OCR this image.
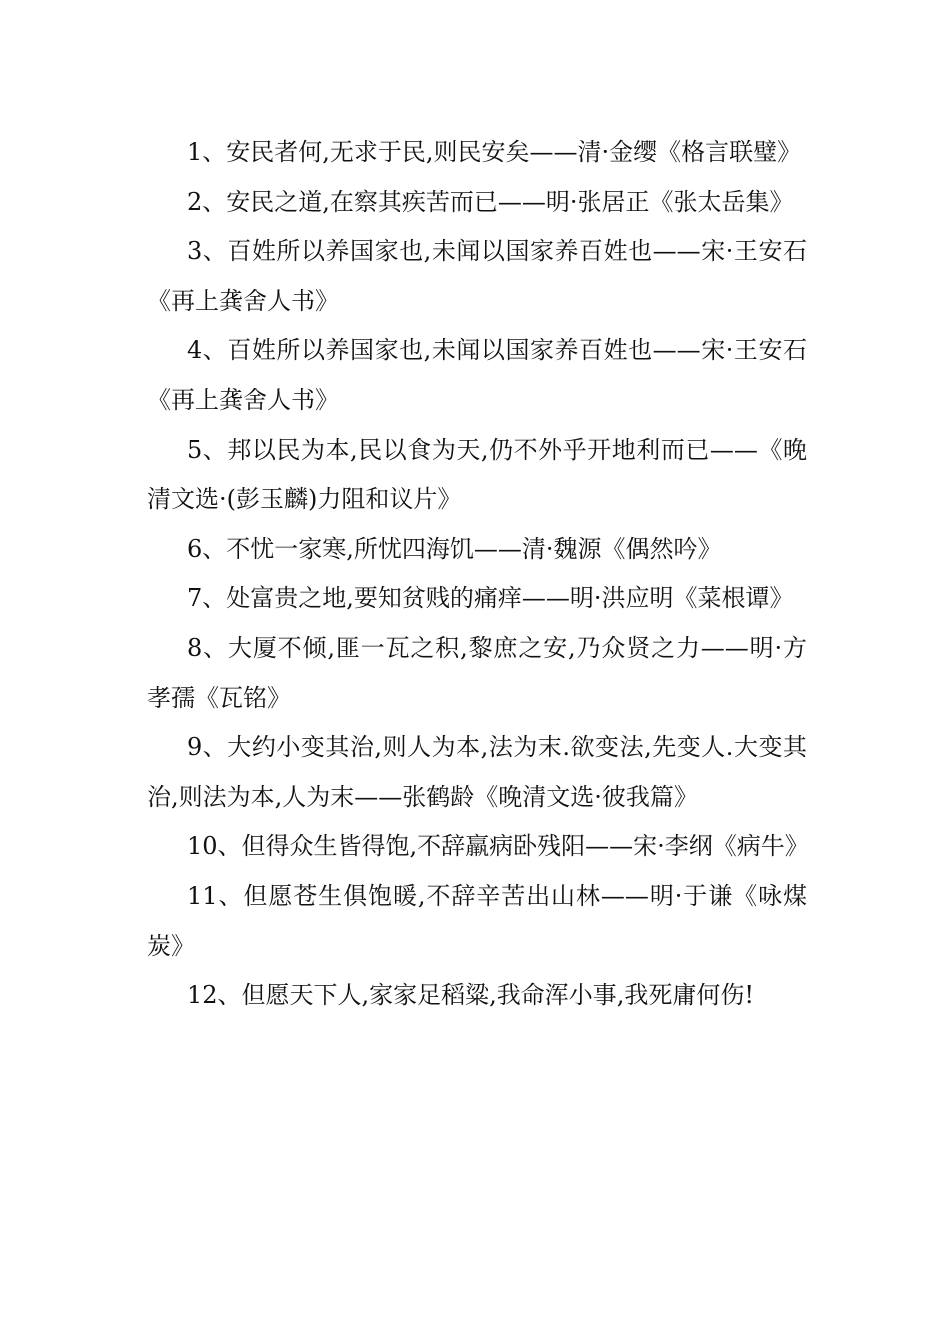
1、安民者何,无求于民,则民安矣——清·金缨《格言联璧》

2、安民之道,在察其疾苦而已——明·张居正《张太岳集》

3、百姓所以养国家也,未闻以国家养百姓也——宋·王安石《再上龚舍人书》

4、百姓所以养国家也,未闻以国家养百姓也——宋·王安石《再上龚舍人书》

5、邦以民为本,民以食为天,仍不外乎开地利而已——《晚清文选·(彭玉麟)力阻和议片》

6、不忧一家寒,所忧四海饥——清·魏源《偶然吟》

7、处富贵之地,要知贫贱的痛痒——明·洪应明《菜根谭》

8、大厦不倾,匪一瓦之积,黎庶之安,乃众贤之力——明·方孝孺《瓦铭》

9、大约小变其治,则人为本,法为末.欲变法,先变人.大变其治,则法为本,人为末——张鹤龄《晚清文选·彼我篇》

10、但得众生皆得饱,不辞羸病卧残阳——宋·李纲《病牛》

11、但愿苍生俱饱暖,不辞辛苦出山林——明·于谦《咏煤炭》

12、但愿天下人,家家足稻粱,我命浑小事,我死庸何伤!
